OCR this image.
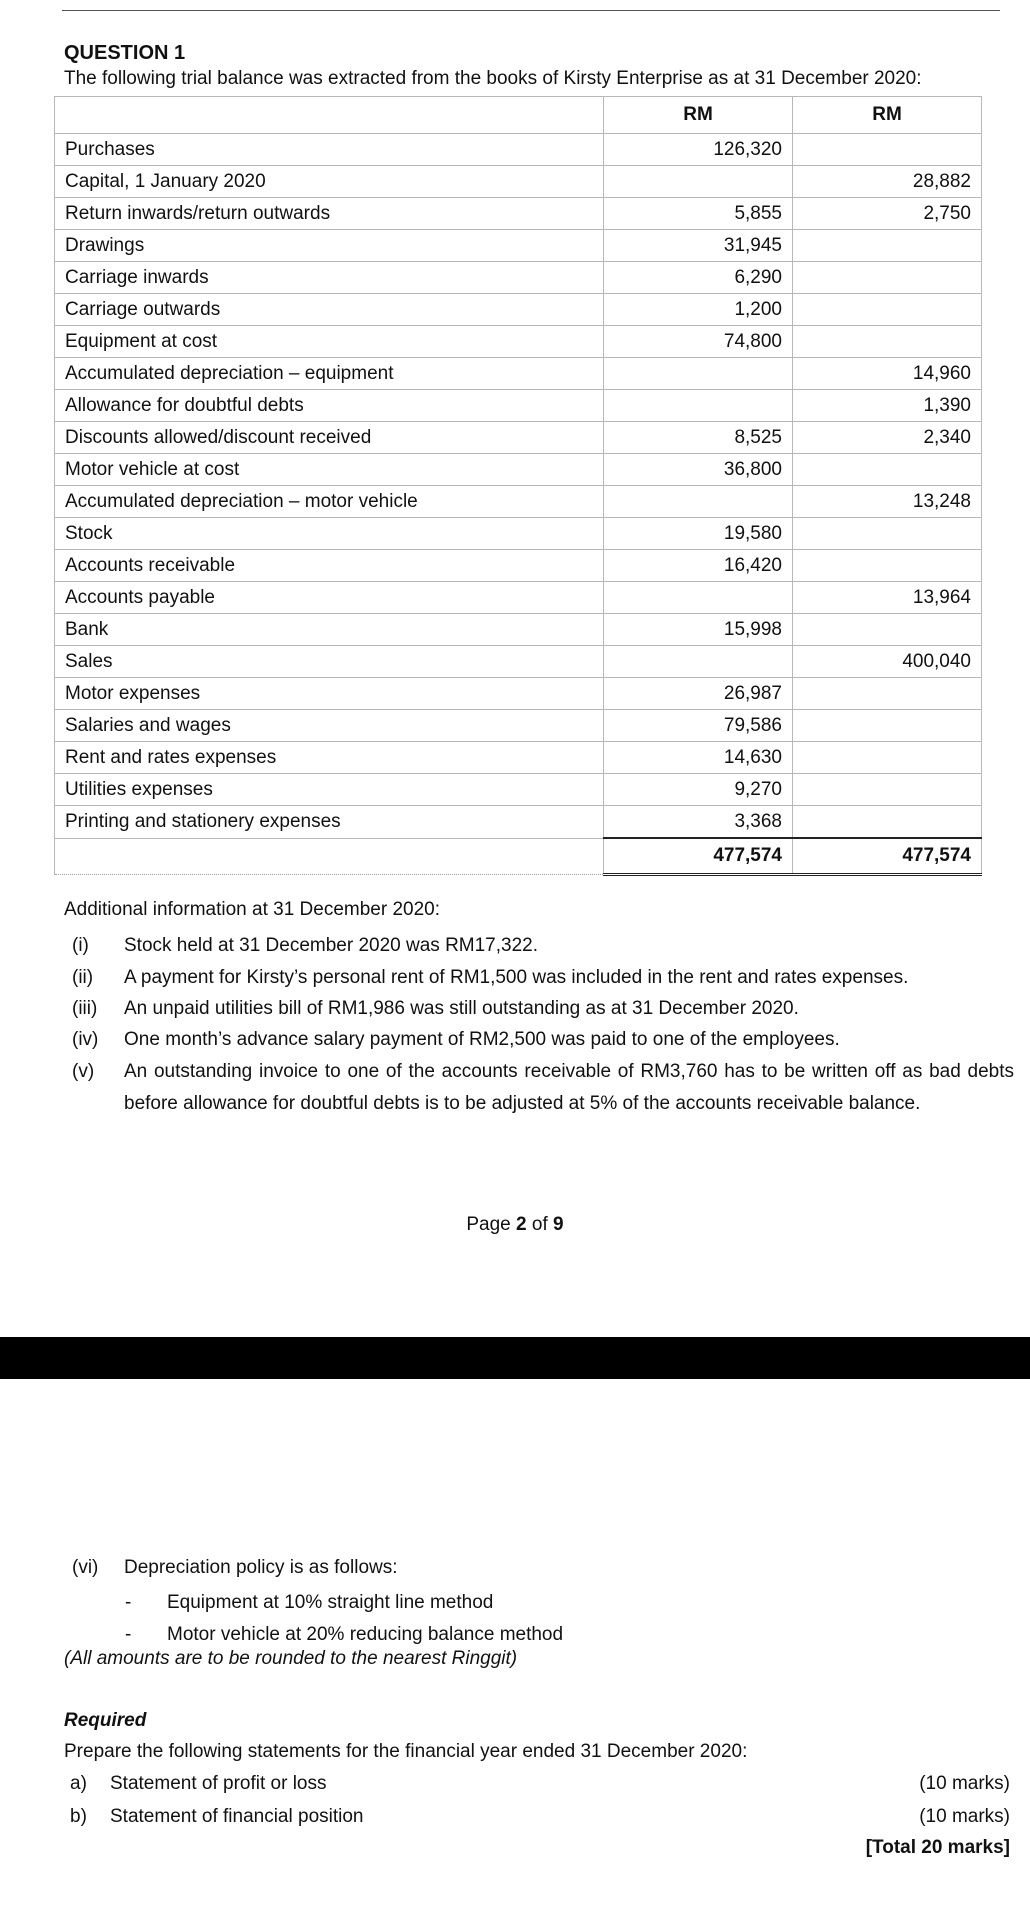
QUESTION 1
The following trial balance was extracted from the books of Kirsty Enterprise as at 31 December 2020:
	RM	RM
Purchases	126,320	
Capital, 1 January 2020		28,882
Return inwards/return outwards	5,855	2,750
Drawings	31,945	
Carriage inwards	6,290	
Carriage outwards	1,200	
Equipment at cost	74,800	
Accumulated depreciation – equipment		14,960
Allowance for doubtful debts		1,390
Discounts allowed/discount received	8,525	2,340
Motor vehicle at cost	36,800	
Accumulated depreciation – motor vehicle		13,248
Stock	19,580	
Accounts receivable	16,420	
Accounts payable		13,964
Bank	15,998	
Sales		400,040
Motor expenses	26,987	
Salaries and wages	79,586	
Rent and rates expenses	14,630	
Utilities expenses	9,270	
Printing and stationery expenses	3,368	
	477,574	477,574
Additional information at 31 December 2020:
(i)	Stock held at 31 December 2020 was RM17,322.
(ii)	A payment for Kirsty’s personal rent of RM1,500 was included in the rent and rates expenses.
(iii)	An unpaid utilities bill of RM1,986 was still outstanding as at 31 December 2020.
(iv)	One month’s advance salary payment of RM2,500 was paid to one of the employees.
(v)	An outstanding invoice to one of the accounts receivable of RM3,760 has to be written off as bad debts before allowance for doubtful debts is to be adjusted at 5% of the accounts receivable balance.
Page 2 of 9
(vi)	Depreciation policy is as follows:
-	Equipment at 10% straight line method
-	Motor vehicle at 20% reducing balance method
(All amounts are to be rounded to the nearest Ringgit)
Required
Prepare the following statements for the financial year ended 31 December 2020:
a)	Statement of profit or loss	(10 marks)
b)	Statement of financial position	(10 marks)
[Total 20 marks]
